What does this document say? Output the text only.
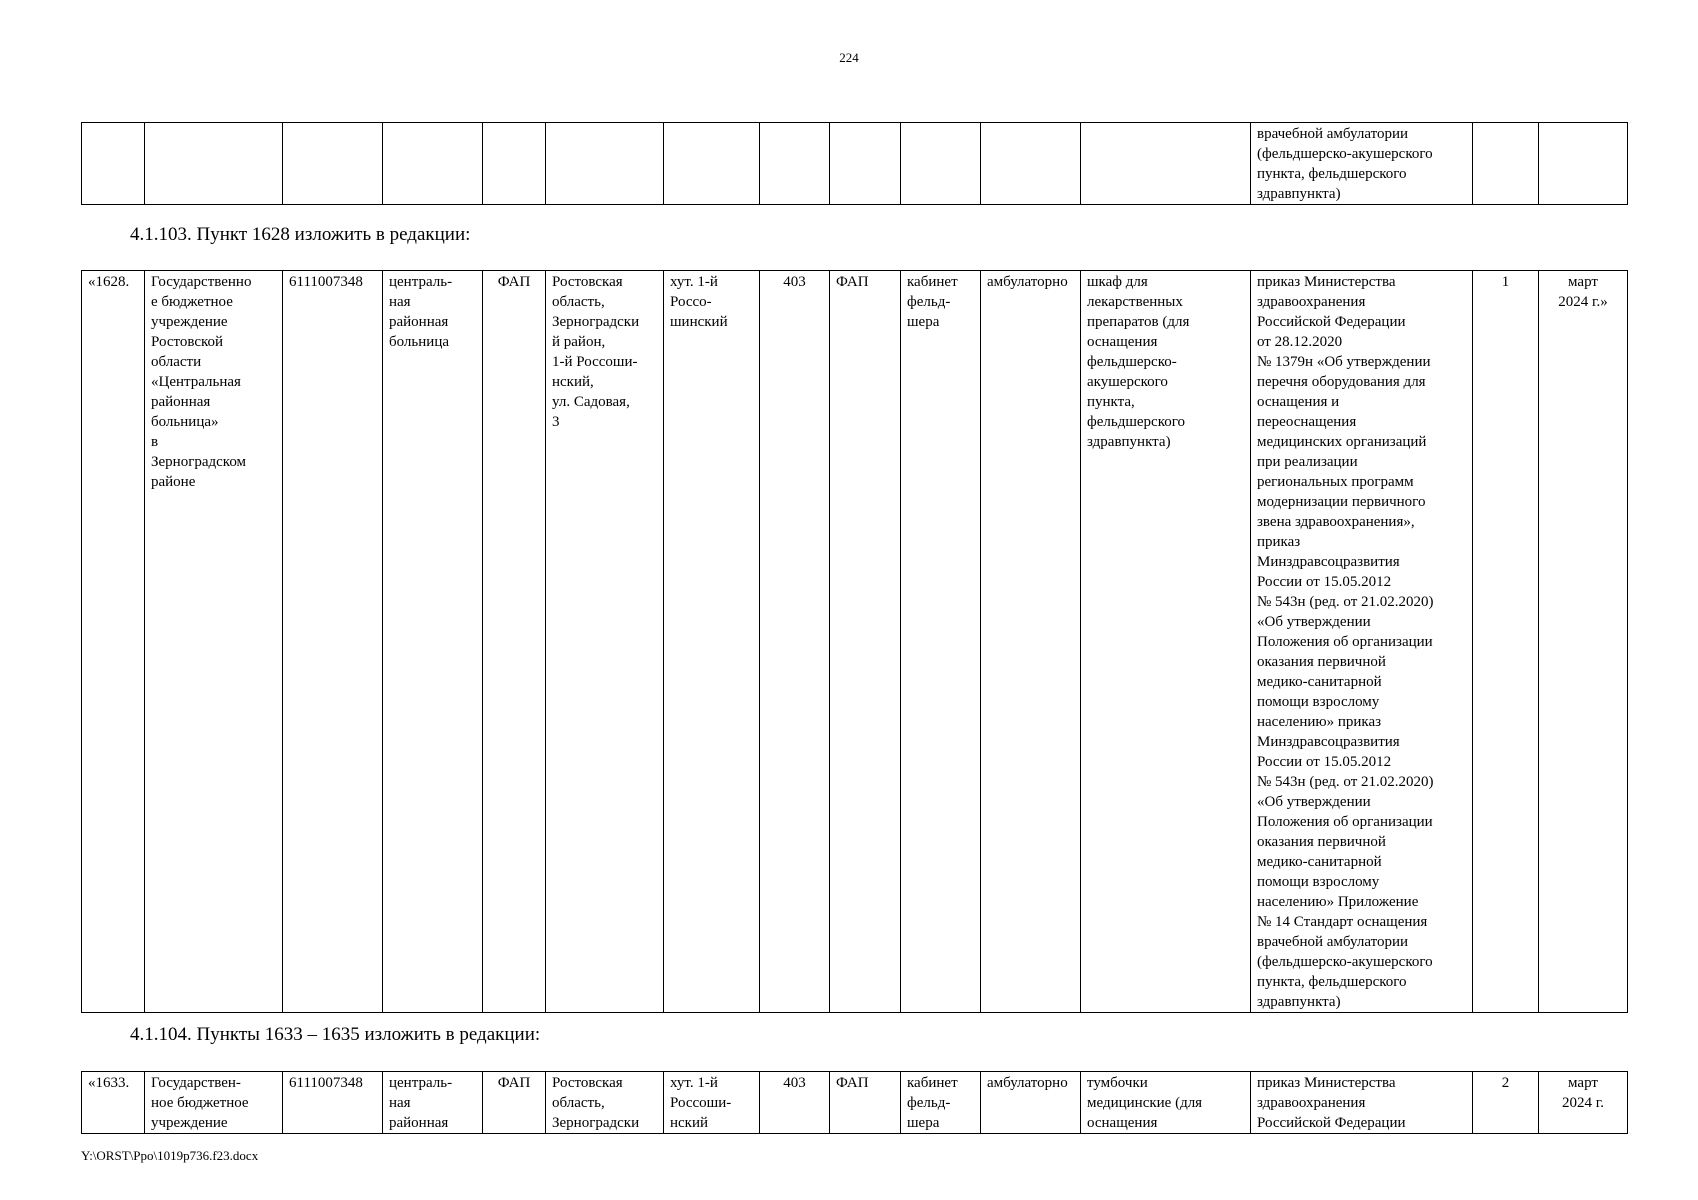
224
												врачебной амбулатории
(фельдшерско-акушерского
пункта, фельдшерского
здравпункта)		
4.1.103. Пункт 1628 изложить в редакции:
«1628.	Государственно
е бюджетное
учреждение
Ростовской
области
«Центральная
районная
больница»
в
Зерноградском
районе	6111007348	централь-
ная
районная
больница	ФАП	Ростовская
область,
Зерноградски
й район,
1-й Россоши-
нский,
ул. Садовая,
3	хут. 1-й
Россо-
шинский	403	ФАП	кабинет
фельд-
шера	амбулаторно	шкаф для
лекарственных
препаратов (для
оснащения
фельдшерско-
акушерского
пункта,
фельдшерского
здравпункта)	приказ Министерства
здравоохранения
Российской Федерации
от 28.12.2020
№ 1379н «Об утверждении
перечня оборудования для
оснащения и
переоснащения
медицинских организаций
при реализации
региональных программ
модернизации первичного
звена здравоохранения»,
приказ
Минздравсоцразвития
России от 15.05.2012
№ 543н (ред. от 21.02.2020)
«Об утверждении
Положения об организации
оказания первичной
медико-санитарной
помощи взрослому
населению» приказ
Минздравсоцразвития
России от 15.05.2012
№ 543н (ред. от 21.02.2020)
«Об утверждении
Положения об организации
оказания первичной
медико-санитарной
помощи взрослому
населению» Приложение
№ 14 Стандарт оснащения
врачебной амбулатории
(фельдшерско-акушерского
пункта, фельдшерского
здравпункта)	1	март
2024 г.»
4.1.104. Пункты 1633 – 1635 изложить в редакции:
«1633.	Государствен-
ное бюджетное
учреждение	6111007348	централь-
ная
районная	ФАП	Ростовская
область,
Зерноградски	хут. 1-й
Россоши-
нский	403	ФАП	кабинет
фельд-
шера	амбулаторно	тумбочки
медицинские (для
оснащения	приказ Министерства
здравоохранения
Российской Федерации	2	март
2024 г.
Y:\ORST\Ppo\1019p736.f23.docx
